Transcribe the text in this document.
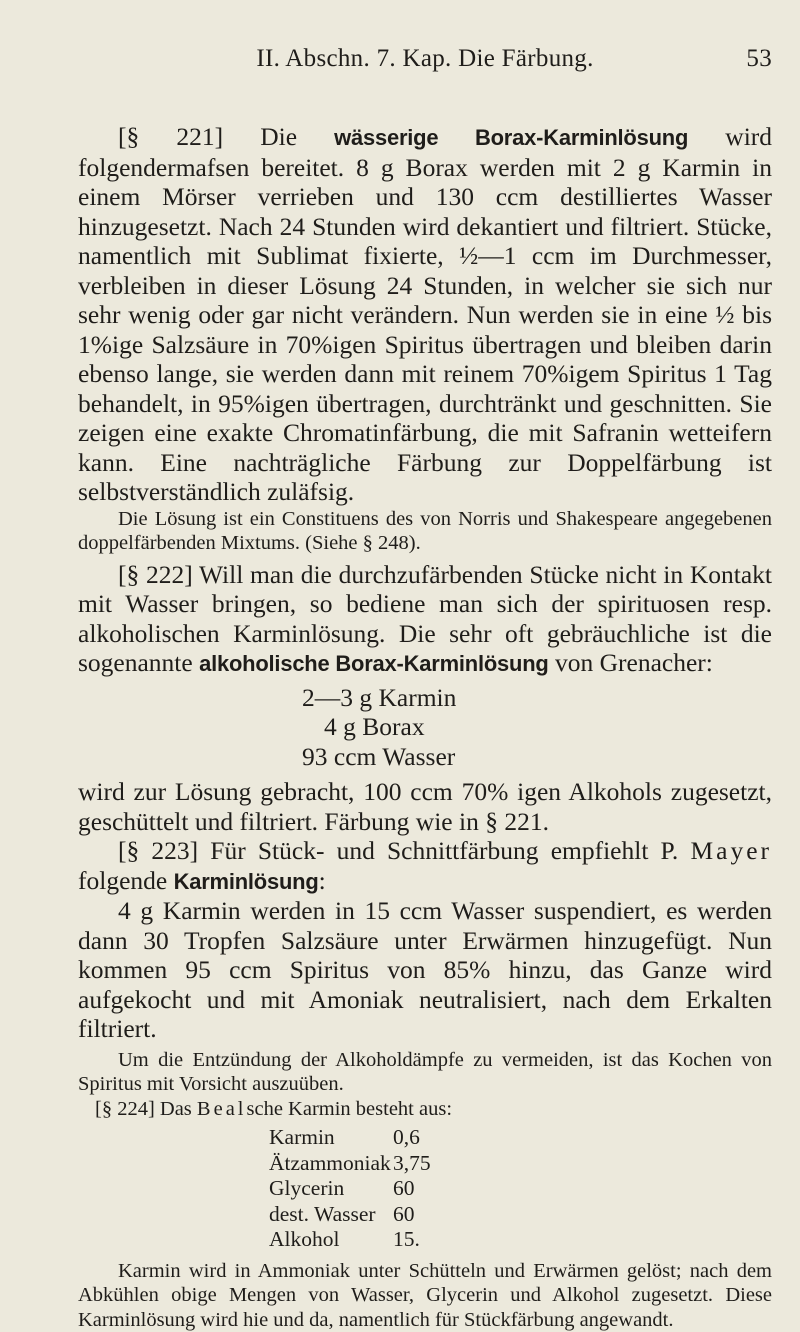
II. Abschn. 7. Kap. Die Färbung.	53

[§ 221] Die wässerige Borax-Karminlösung wird folgendermafsen bereitet. 8 g Borax werden mit 2 g Karmin in einem Mörser verrieben und 130 ccm destilliertes Wasser hinzugesetzt. Nach 24 Stunden wird dekantiert und filtriert. Stücke, namentlich mit Sublimat fixierte, ½—1 ccm im Durchmesser, verbleiben in dieser Lösung 24 Stunden, in welcher sie sich nur sehr wenig oder gar nicht verändern. Nun werden sie in eine ½ bis 1%ige Salzsäure in 70%igen Spiritus übertragen und bleiben darin ebenso lange, sie werden dann mit reinem 70%igem Spiritus 1 Tag behandelt, in 95%igen übertragen, durchtränkt und geschnitten. Sie zeigen eine exakte Chromatinfärbung, die mit Safranin wetteifern kann. Eine nachträgliche Färbung zur Doppelfärbung ist selbstverständlich zuläfsig.

Die Lösung ist ein Constituens des von Norris und Shakespeare angegebenen doppelfärbenden Mixtums. (Siehe § 248).

[§ 222] Will man die durchzufärbenden Stücke nicht in Kontakt mit Wasser bringen, so bediene man sich der spirituosen resp. alkoholischen Karminlösung. Die sehr oft gebräuchliche ist die sogenannte alkoholische Borax-Karminlösung von Grenacher:

2—3 g Karmin
4 g Borax
93 ccm Wasser

wird zur Lösung gebracht, 100 ccm 70% igen Alkohols zugesetzt, geschüttelt und filtriert. Färbung wie in § 221.

[§ 223] Für Stück- und Schnittfärbung empfiehlt P. Mayer folgende Karminlösung:

4 g Karmin werden in 15 ccm Wasser suspendiert, es werden dann 30 Tropfen Salzsäure unter Erwärmen hinzugefügt. Nun kommen 95 ccm Spiritus von 85% hinzu, das Ganze wird aufgekocht und mit Amoniak neutralisiert, nach dem Erkalten filtriert.

Um die Entzündung der Alkoholdämpfe zu vermeiden, ist das Kochen von Spiritus mit Vorsicht auszuüben.

[§ 224] Das Bealsche Karmin besteht aus:

Karmin	0,6
Ätzammoniak 3,75
Glycerin	60
dest. Wasser 60
Alkohol	15.

Karmin wird in Ammoniak unter Schütteln und Erwärmen gelöst; nach dem Abkühlen obige Mengen von Wasser, Glycerin und Alkohol zugesetzt. Diese Karminlösung wird hie und da, namentlich für Stückfärbung angewandt.
